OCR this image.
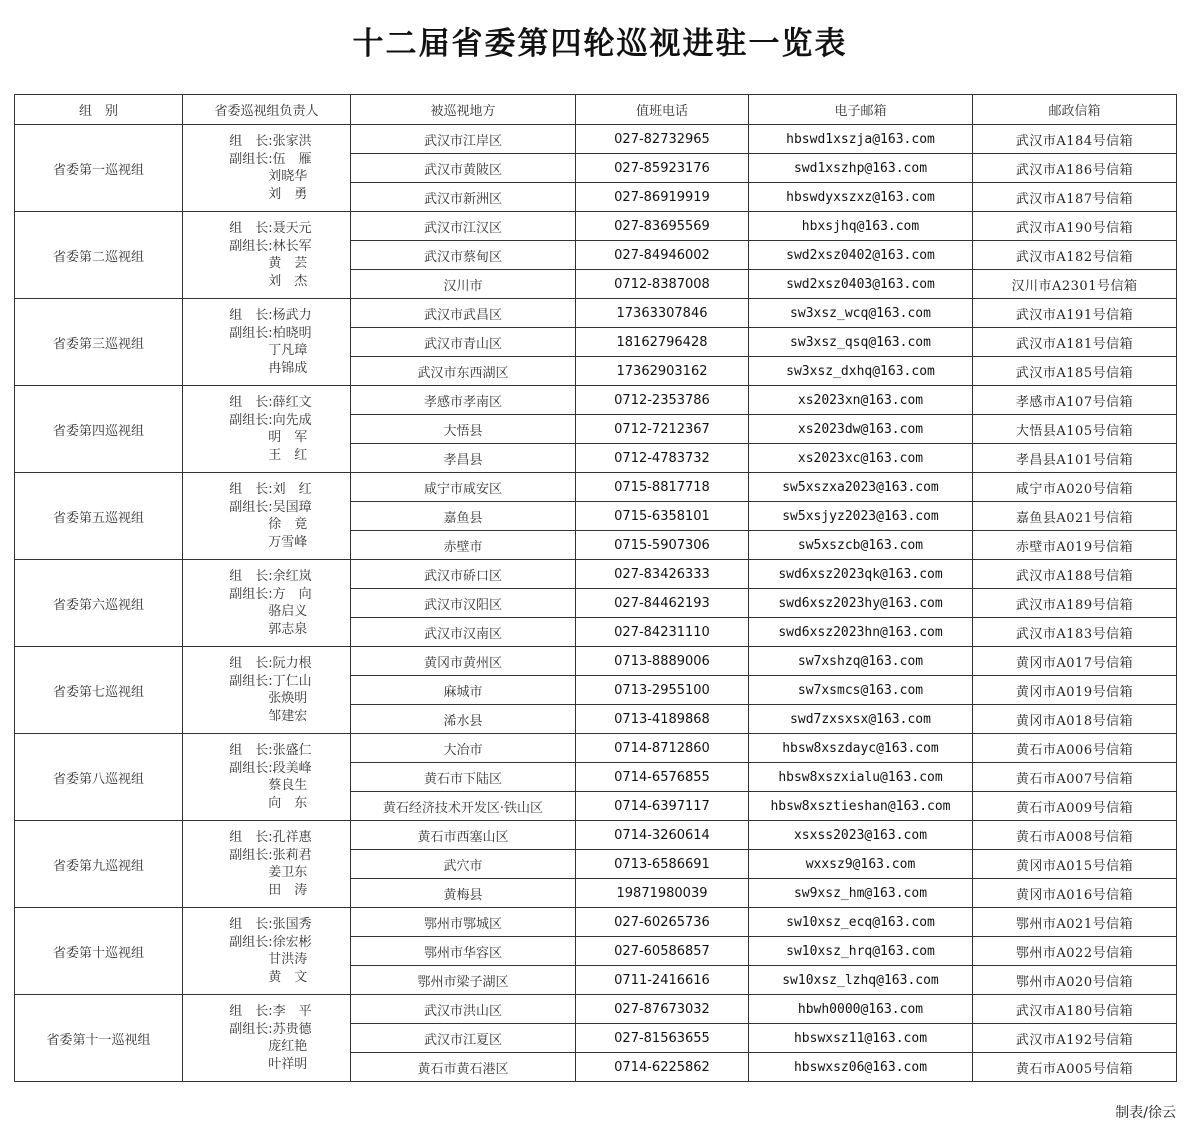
十二届省委第四轮巡视进驻一览表
组　别	省委巡视组负责人	被巡视地方	值班电话	电子邮箱	邮政信箱
省委第一巡视组	组　长:张家洪
副组长:伍　雁
　　　刘晓华
　　　刘　勇	武汉市江岸区	027-82732965	hbswd1xszja@163.com	武汉市A184号信箱
		武汉市黄陂区	027-85923176	swd1xszhp@163.com	武汉市A186号信箱
		武汉市新洲区	027-86919919	hbswdyxszxz@163.com	武汉市A187号信箱
省委第二巡视组	组　长:聂天元
副组长:林长军
　　　黄　芸
　　　刘　杰	武汉市江汉区	027-83695569	hbxsjhq@163.com	武汉市A190号信箱
		武汉市蔡甸区	027-84946002	swd2xsz0402@163.com	武汉市A182号信箱
		汉川市	0712-8387008	swd2xsz0403@163.com	汉川市A2301号信箱
省委第三巡视组	组　长:杨武力
副组长:柏晓明
　　　丁凡璋
　　　冉锦成	武汉市武昌区	17363307846	sw3xsz_wcq@163.com	武汉市A191号信箱
		武汉市青山区	18162796428	sw3xsz_qsq@163.com	武汉市A181号信箱
		武汉市东西湖区	17362903162	sw3xsz_dxhq@163.com	武汉市A185号信箱
省委第四巡视组	组　长:薛红文
副组长:向先成
　　　明　军
　　　王　红	孝感市孝南区	0712-2353786	xs2023xn@163.com	孝感市A107号信箱
		大悟县	0712-7212367	xs2023dw@163.com	大悟县A105号信箱
		孝昌县	0712-4783732	xs2023xc@163.com	孝昌县A101号信箱
省委第五巡视组	组　长:刘　红
副组长:吴国璋
　　　徐　竟
　　　万雪峰	咸宁市咸安区	0715-8817718	sw5xszxa2023@163.com	咸宁市A020号信箱
		嘉鱼县	0715-6358101	sw5xsjyz2023@163.com	嘉鱼县A021号信箱
		赤壁市	0715-5907306	sw5xszcb@163.com	赤壁市A019号信箱
省委第六巡视组	组　长:余红岚
副组长:方　向
　　　骆启义
　　　郭志泉	武汉市硚口区	027-83426333	swd6xsz2023qk@163.com	武汉市A188号信箱
		武汉市汉阳区	027-84462193	swd6xsz2023hy@163.com	武汉市A189号信箱
		武汉市汉南区	027-84231110	swd6xsz2023hn@163.com	武汉市A183号信箱
省委第七巡视组	组　长:阮力根
副组长:丁仁山
　　　张焕明
　　　邹建宏	黄冈市黄州区	0713-8889006	sw7xshzq@163.com	黄冈市A017号信箱
		麻城市	0713-2955100	sw7xsmcs@163.com	黄冈市A019号信箱
		浠水县	0713-4189868	swd7zxsxsx@163.com	黄冈市A018号信箱
省委第八巡视组	组　长:张盛仁
副组长:段美峰
　　　蔡良生
　　　向　东	大冶市	0714-8712860	hbsw8xszdayc@163.com	黄石市A006号信箱
		黄石市下陆区	0714-6576855	hbsw8xszxialu@163.com	黄石市A007号信箱
		黄石经济技术开发区·铁山区	0714-6397117	hbsw8xsztieshan@163.com	黄石市A009号信箱
省委第九巡视组	组　长:孔祥惠
副组长:张莉君
　　　姜卫东
　　　田　涛	黄石市西塞山区	0714-3260614	xsxss2023@163.com	黄石市A008号信箱
		武穴市	0713-6586691	wxxsz9@163.com	黄冈市A015号信箱
		黄梅县	19871980039	sw9xsz_hm@163.com	黄冈市A016号信箱
省委第十巡视组	组　长:张国秀
副组长:徐宏彬
　　　甘洪涛
　　　黄　文	鄂州市鄂城区	027-60265736	sw10xsz_ecq@163.com	鄂州市A021号信箱
		鄂州市华容区	027-60586857	sw10xsz_hrq@163.com	鄂州市A022号信箱
		鄂州市梁子湖区	0711-2416616	sw10xsz_lzhq@163.com	鄂州市A020号信箱
省委第十一巡视组	组　长:李　平
副组长:苏贵德
　　　庞红艳
　　　叶祥明	武汉市洪山区	027-87673032	hbwh0000@163.com	武汉市A180号信箱
		武汉市江夏区	027-81563655	hbswxsz11@163.com	武汉市A192号信箱
		黄石市黄石港区	0714-6225862	hbswxsz06@163.com	黄石市A005号信箱
制表/徐云
